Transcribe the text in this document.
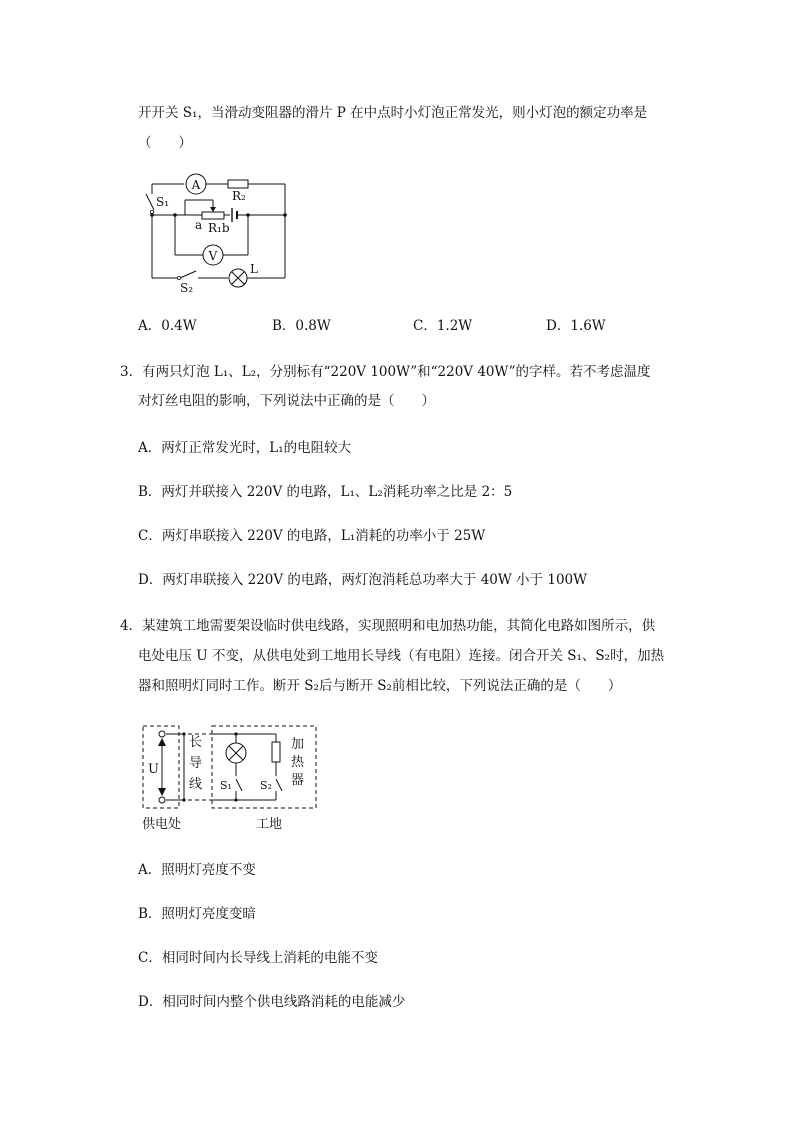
开开关 S₁，当滑动变阻器的滑片 P 在中点时小灯泡正常发光，则小灯泡的额定功率是
（　　）
A
V
R₂
S₁
S₂
a R₁b
L
A．0.4W	B．0.8W	C．1.2W	D．1.6W
3．有两只灯泡 L₁、L₂，分别标有“220V 100W”和“220V 40W”的字样。若不考虑温度
对灯丝电阻的影响，下列说法中正确的是（　　）
A．两灯正常发光时，L₁的电阻较大
B．两灯并联接入 220V 的电路，L₁、L₂消耗功率之比是 2：5
C．两灯串联接入 220V 的电路，L₁消耗的功率小于 25W
D．两灯串联接入 220V 的电路，两灯泡消耗总功率大于 40W 小于 100W
4．某建筑工地需要架设临时供电线路，实现照明和电加热功能，其简化电路如图所示，供
电处电压 U 不变，从供电处到工地用长导线（有电阻）连接。闭合开关 S₁、S₂时，加热
器和照明灯同时工作。断开 S₂后与断开 S₂前相比较，下列说法正确的是（　　）
U
长
导
线
加
热
器
S₁	S₂
供电处	工地
A．照明灯亮度不变
B．照明灯亮度变暗
C．相同时间内长导线上消耗的电能不变
D．相同时间内整个供电线路消耗的电能减少
